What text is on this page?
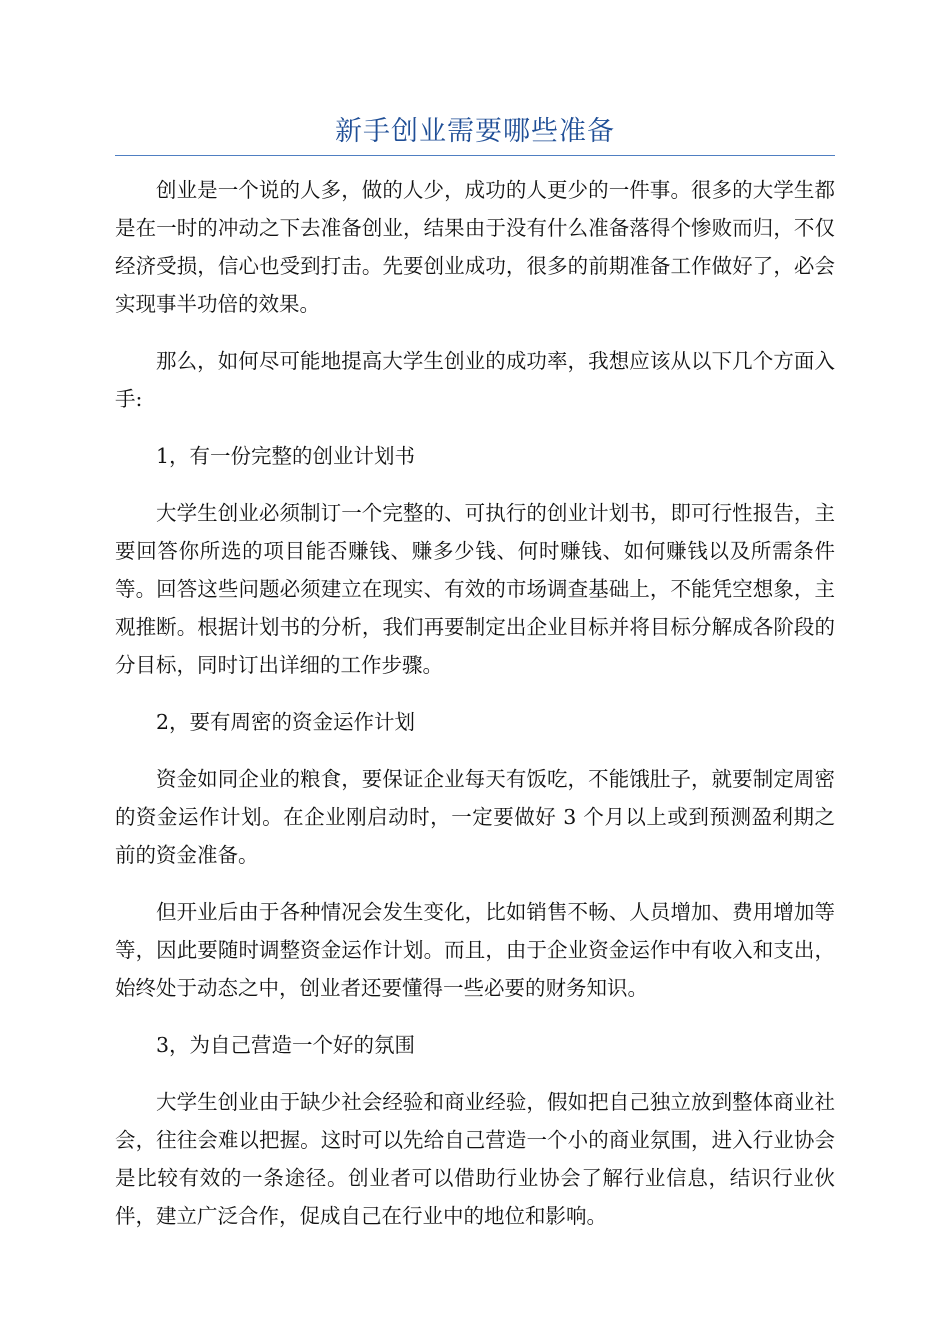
新手创业需要哪些准备

创业是一个说的人多，做的人少，成功的人更少的一件事。很多的大学生都是在一时的冲动之下去准备创业，结果由于没有什么准备落得个惨败而归，不仅经济受损，信心也受到打击。先要创业成功，很多的前期准备工作做好了，必会实现事半功倍的效果。

那么，如何尽可能地提高大学生创业的成功率，我想应该从以下几个方面入手:

1，有一份完整的创业计划书

大学生创业必须制订一个完整的、可执行的创业计划书，即可行性报告，主要回答你所选的项目能否赚钱、赚多少钱、何时赚钱、如何赚钱以及所需条件等。回答这些问题必须建立在现实、有效的市场调查基础上，不能凭空想象，主观推断。根据计划书的分析，我们再要制定出企业目标并将目标分解成各阶段的分目标，同时订出详细的工作步骤。

2，要有周密的资金运作计划

资金如同企业的粮食，要保证企业每天有饭吃，不能饿肚子，就要制定周密的资金运作计划。在企业刚启动时，一定要做好 3 个月以上或到预测盈利期之前的资金准备。

但开业后由于各种情况会发生变化，比如销售不畅、人员增加、费用增加等等，因此要随时调整资金运作计划。而且，由于企业资金运作中有收入和支出，始终处于动态之中，创业者还要懂得一些必要的财务知识。

3，为自己营造一个好的氛围

大学生创业由于缺少社会经验和商业经验，假如把自己独立放到整体商业社会，往往会难以把握。这时可以先给自己营造一个小的商业氛围，进入行业协会是比较有效的一条途径。创业者可以借助行业协会了解行业信息，结识行业伙伴，建立广泛合作，促成自己在行业中的地位和影响。
